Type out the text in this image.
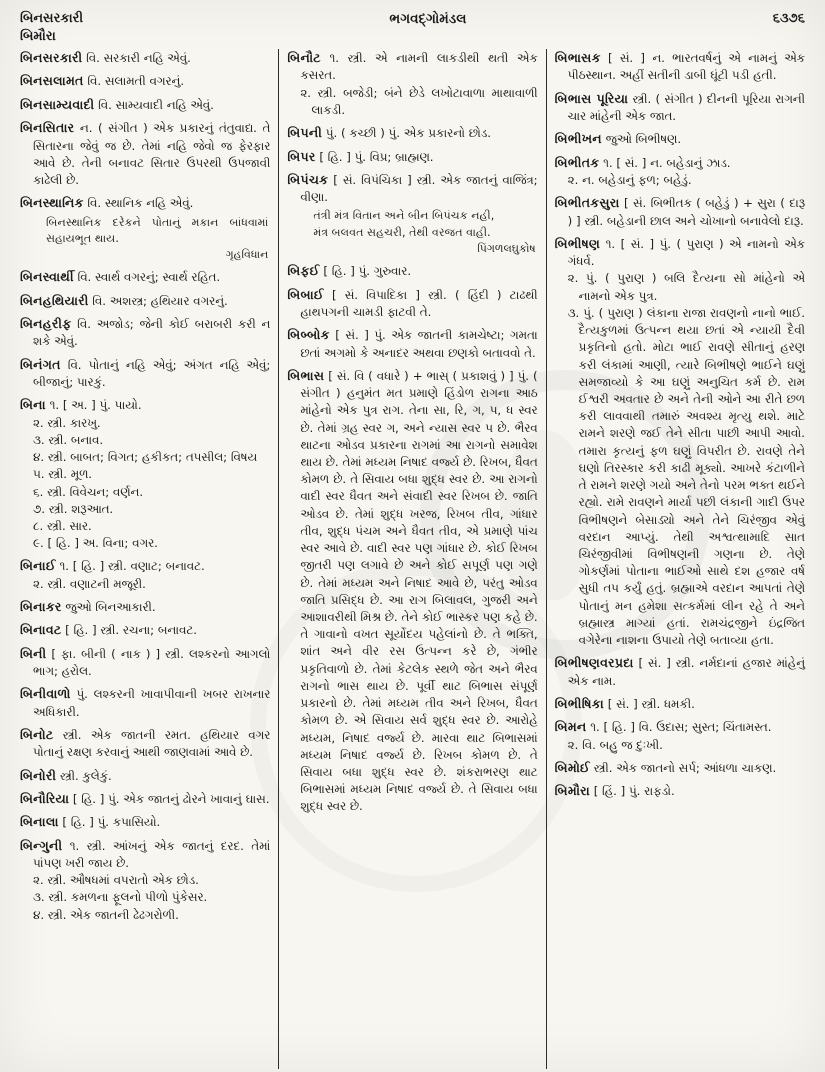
બિનસરકારી
બિમૌરા
ભગવદ્ગોમંડલ	૬૩૭૬

બિનસરકારી વિ. સરકારી નહિ એવું.

બિનસલામત વિ. સલામતી વગરનું.

બિનસામ્યવાદી વિ. સામ્યવાદી નહિ એવું.

બિનસિતાર ન. ( સંગીત ) એક પ્રકારનું તંતુવાદ્ય. તે સિતારના જેવું જ છે. તેમાં નહિ જેવો જ ફેરફાર આવે છે. તેની બનાવટ સિતાર ઉપરથી ઉપજાવી કાઢેલી છે.

બિનસ્થાનિક વિ. સ્થાનિક નહિ એવું.

બિનસ્થાનિક દરેકને પોતાનું મકાન બાંધવામાં સહાયભૂત થાય.
ગૃહવિધાન

બિનસ્વાર્થી વિ. સ્વાર્થ વગરનું; સ્વાર્થ રહિત.

બિનહથિયારી વિ. અશસ્ત્ર; હથિયાર વગરનું.

બિનહરીફ વિ. અજોડ; જેની કોઈ બરાબરી કરી ન શકે એવું.

બિનંગત વિ. પોતાનું નહિ એવું; અંગત નહિ એવું; બીજાનું; પારકું.

બિના ૧. [ અ. ] પું. પાયો.

૨. સ્ત્રી. કારખુ.

૩. સ્ત્રી. બનાવ.

૪. સ્ત્રી. બાબત; વિગત; હકીકત; તપસીલ; વિષય

૫. સ્ત્રી. મૂળ.

૬. સ્ત્રી. વિવેચન; વર્ણન.

૭. સ્ત્રી. શરૂઆત.

૮. સ્ત્રી. સાર.

૯. [ હિ. ] અ. વિના; વગર.

બિનાઈ ૧. [ હિ. ] સ્ત્રી. વણાટ; બનાવટ.

૨. સ્ત્રી. વણાટની મજૂરી.

બિનાકર જુઓ બિનઆકારી.

બિનાવટ [ હિ. ] સ્ત્રી. રચના; બનાવટ.

બિની [ ફા. બીની ( નાક ) ] સ્ત્રી. લશ્કરનો આગલો ભાગ; હરોલ.

બિનીવાળો પું. લશ્કરની ખાવાપીવાની ખબર રાખનાર અધિકારી.

બિનોટ સ્ત્રી. એક જાતની રમત. હથિયાર વગર પોતાનું રક્ષણ કરવાનું આથી જાણવામાં આવે છે.

બિનોરી સ્ત્રી. કુલેકું.

બિનૌરિયા [ હિ. ] પું. એક જાતનું ઢોરને ખાવાનું ઘાસ.

બિનાલા [ હિ. ] પું. કપાસિયો.

બિન્ગુની ૧. સ્ત્રી. આંખનું એક જાતનું દરદ. તેમાં પાંપણ ખરી જાય છે.

૨. સ્ત્રી. ઔષધમાં વપરાતો એક છોડ.

૩. સ્ત્રી. કમળના ફૂલનો પીળો પુંકેસર.

૪. સ્ત્રી. એક જાતની ઢેઢગરોળી.

બિનૌટ ૧. સ્ત્રી. એ નામની લાકડીથી થતી એક કસરત.

૨. સ્ત્રી. બજેડી; બંને છેડે લખોટાવાળા માથાવાળી લાકડી.

બિપની પું. ( કચ્છી ) પું. એક પ્રકારનો છોડ.

બિપર [ હિ. ] પું. વિપ્ર; બ્રાહ્મણ.

બિપંચક [ સં. વિપંચિકા ] સ્ત્રી. એક જાતનું વાજિંત્ર; વીણા.

તંત્રી મંત્ર વિતાન અને બીન બિપંચક નહી,
મંત્ર બલવત સહચરી, તેથી વરજત વાહી.
પિંગળલઘુકોષ

બિફઈ [ હિ. ] પું. ગુરુવાર.

બિબાઈ [ સં. વિપાદિકા ] સ્ત્રી. ( હિંદી ) ટાઢથી હાથપગની ચામડી ફાટવી તે.

બિબ્બોક [ સં. ] પું. એક જાતની કામચેષ્ટા; ગમતા છતાં અગમો કે અનાદર અથવા છણકો બતાવવો તે.

બિભાસ [ સં. વિ ( વધારે ) + ભાસ્ ( પ્રકાશવું ) ] પું. ( સંગીત ) હનુમંત મત પ્રમાણે હિંડોળ રાગના આઠ માંહેનો એક પુત્ર રાગ. તેના સા, રિ, ગ, પ, ધ સ્વર છે. તેમાં ગ્રહ સ્વર ગ, અને ન્યાસ સ્વર પ છે. ભૈરવ થાટના ઓડવ પ્રકારના રાગમાં આ રાગનો સમાવેશ થાય છે. તેમાં મધ્યમ નિષાદ વર્જ્ય છે. રિખબ, ધૈવત કોમળ છે. તે સિવાય બધા શુદ્ધ સ્વર છે. આ રાગનો વાદી સ્વર ધૈવત અને સંવાદી સ્વર રિખબ છે. જાતિ ઓડવ છે. તેમાં શુદ્ધ ખરજ, રિખબ તીવ, ગાંધાર તીવ, શુદ્ધ પંચમ અને ધૈવત તીવ, એ પ્રમાણે પાંચ સ્વર આવે છે. વાદી સ્વર પણ ગાંધાર છે. કોઈ રિખબ જીતરી પણ લગાવે છે અને કોઈ સપૂર્ણ પણ ગણે છે. તેમાં મધ્યમ અને નિષાદ આવે છે, પરંતુ ઓડવ જાતિ પ્રસિદ્ધ છે. આ રાગ બિલાવલ, ગુજરી અને આશાવરીથી મિશ્ર છે. તેને કોઈ ભાસ્કર પણ કહે છે. તે ગાવાનો વખત સૂર્યોદય પહેલાંનો છે. તે ભક્તિ, શાંત અને વીર રસ ઉત્પન્ન કરે છે, ગંભીર પ્રકૃતિવાળો છે. તેમાં કેટલેક સ્થળે જેત અને ભૈરવ રાગનો ભાસ થાય છે. પૂર્વી થાટ બિભાસ સંપૂર્ણ પ્રકારનો છે. તેમાં મધ્યમ તીવ અને રિખબ, ધૈવત કોમળ છે. એ સિવાય સર્વ શુદ્ધ સ્વર છે. આરોહે મધ્યમ, નિષાદ વર્જ્ય છે. મારવા થાટ બિભાસમાં મધ્યમ નિષાદ વર્જ્ય છે. રિખબ કોમળ છે. તે સિવાય બધા શુદ્ધ સ્વર છે. શંકરાભરણ થાટ બિભાસમાં મધ્યમ નિષાદ વર્જ્ય છે. તે સિવાય બધા શુદ્ધ સ્વર છે.

બિભાસક [ સં. ] ન. ભારતવર્ષનું એ નામનું એક પીઠસ્થાન. અહીં સતીની ડાબી ઘૂંટી પડી હતી.

બિભાસ પૂરિયા સ્ત્રી. ( સંગીત ) દીનની પૂરિયા રાગની ચાર માંહેની એક જાત.

બિભીખન જુઓ બિભીષણ.

બિભીતક ૧. [ સં. ] ન. બહેડાનું ઝાડ.

૨. ન. બહેડાનું ફળ; બહેડું.

બિભીતકસુરા [ સં. બિભીતક ( બહેડું ) + સુરા ( દારૂ ) ] સ્ત્રી. બહેડાની છાલ અને ચોખાનો બનાવેલો દારૂ.

બિભીષણ ૧. [ સં. ] પું. ( પુરાણ ) એ નામનો એક ગંધર્વ.

૨. પું. ( પુરાણ ) બલિ દૈત્યના સો માંહેનો એ નામનો એક પુત્ર.

૩. પું. ( પુરાણ ) લંકાના રાજા રાવણનો નાનો ભાઈ. દૈત્યકુળમાં ઉત્પન્ન થયા છતાં એ ન્યાયી દૈવી પ્રકૃતિનો હતો. મોટા ભાઈ રાવણે સીતાનું હરણ કરી લંકામાં આણી, ત્યારે બિભીષણે ભાઈને ઘણું સમજાવ્યો કે આ ઘણું અનુચિત કર્મ છે. રામ ઈશ્વરી અવતાર છે અને તેની ઓને આ રીતે છળ કરી લાવવાથી તમારું અવશ્ય મૃત્યુ થશે. માટે રામને શરણે જઈ તેને સીતા પાછી આપી આવો. તમારા કૃત્યનું ફળ ઘણું વિપરીત છે. રાવણે તેને ઘણો તિરસ્કાર કરી કાઢી મૂક્યો. આખરે કંટાળીને તે રામને શરણે ગયો અને તેનો પરમ ભક્ત થઈને રહ્યો. રામે રાવણને માર્યા પછી લંકાની ગાદી ઉપર વિભીષણને બેસાડ્યો અને તેને ચિરંજીવ એવું વરદાન આપ્યું. તેથી અશ્વત્થામાદિ સાત ચિરંજીવીમાં વિભીષણની ગણના છે. તેણે ગોકર્ણમાં પોતાના ભાઈઓ સાથે દશ હજાર વર્ષ સુધી તપ કર્યું હતું. બ્રહ્માએ વરદાન આપતાં તેણે પોતાનું મન હમેશા સત્કર્મમાં લીન રહે તે અને બ્રહ્માસ્ત્ર માગ્યાં હતાં. રામચંદ્રજીને ઇંદ્રજિત વગેરેના નાશના ઉપાયો તેણે બતાવ્યા હતા.

બિભીષણવરપ્રદા [ સં. ] સ્ત્રી. નર્મદાનાં હજાર માંહેનું એક નામ.

બિભીષિકા [ સં. ] સ્ત્રી. ધમકી.

બિમન ૧. [ હિ. ] વિ. ઉદાસ; સુસ્ત; ચિંતામસ્ત.

૨. વિ. બહુ જ દુઃખી.

બિમોઈ સ્ત્રી. એક જાતનો સર્પ; આંધળા ચાકણ.

બિમૌરા [ હિં. ] પું. રાફડો.
